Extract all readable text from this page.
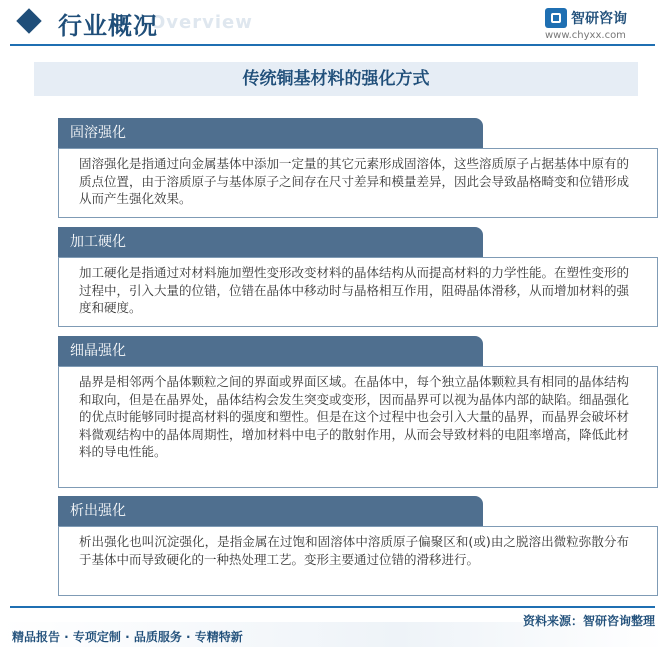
Overview
行业概况	智研咨询
www.chyxx.com
传统铜基材料的强化方式
固溶强化是指通过向金属基体中添加一定量的其它元素形成固溶体，这些溶质原子占据基体中原有的质点位置，由于溶质原子与基体原子之间存在尺寸差异和模量差异，因此会导致晶格畸变和位错形成从而产生强化效果。
固溶强化
加工硬化是指通过对材料施加塑性变形改变材料的晶体结构从而提高材料的力学性能。在塑性变形的过程中，引入大量的位错，位错在晶体中移动时与晶格相互作用，阻碍晶体滑移，从而增加材料的强度和硬度。
加工硬化
晶界是相邻两个晶体颗粒之间的界面或界面区域。在晶体中，每个独立晶体颗粒具有相同的晶体结构和取向，但是在晶界处，晶体结构会发生突变或变形，因而晶界可以视为晶体内部的缺陷。细晶强化的优点时能够同时提高材料的强度和塑性。但是在这个过程中也会引入大量的晶界，而晶界会破坏材料微观结构中的晶体周期性，增加材料中电子的散射作用，从而会导致材料的电阻率增高，降低此材料的导电性能。
细晶强化
析出强化也叫沉淀强化，是指金属在过饱和固溶体中溶质原子偏聚区和(或)由之脱溶出微粒弥散分布于基体中而导致硬化的一种热处理工艺。变形主要通过位错的滑移进行。
析出强化
资料来源：智研咨询整理
精品报告 · 专项定制 · 品质服务 · 专精特新
